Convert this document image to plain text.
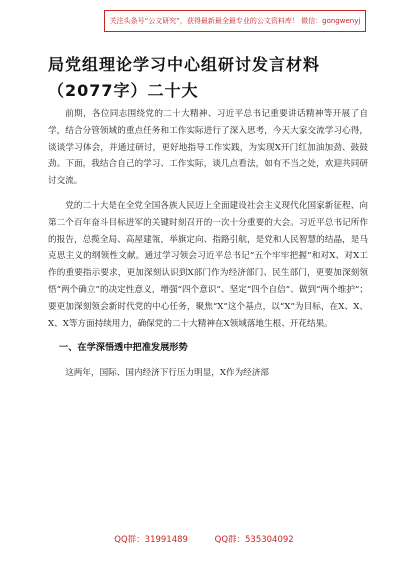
关注头条号“公文研究”，获得最新最全最专业的公文资料库！ 微信：gongwenyj
局党组理论学习中心组研讨发言材料（2077字）二十大

前期，各位同志围绕党的二十大精神、习近平总书记重要讲话精神等开展了自学，结合分管领域的重点任务和工作实际进行了深入思考，今天大家交流学习心得，谈谈学习体会，并通过研讨，更好地指导工作实践，为实现X开门红加油加劲、鼓鼓劲。下面，我结合自己的学习、工作实际，谈几点看法，如有不当之处，欢迎共同研讨交流。

党的二十大是在全党全国各族人民迈上全面建设社会主义现代化国家新征程、向第二个百年奋斗目标进军的关键时刻召开的一次十分重要的大会。习近平总书记所作的报告，总揽全局、高屋建瓴，举旗定向、指路引航，是党和人民智慧的结晶，是马克思主义的纲领性文献。通过学习领会习近平总书记“五个牢牢把握”和对X、对X工作的重要指示要求，更加深刻认识到X部门作为经济部门、民生部门，更要加深刻领悟“两个确立”的决定性意义，增强“四个意识”、坚定“四个自信”、做到“两个维护”；要更加深刻领会新时代党的中心任务，聚焦“X”这个基点，以“X”为目标，在X、X、X、X等方面持续用力，确保党的二十大精神在X领域落地生根、开花结果。

一、在学深悟透中把准发展形势

这两年，国际、国内经济下行压力明显，X作为经济部

QQ群：31991489	QQ群：535304092
